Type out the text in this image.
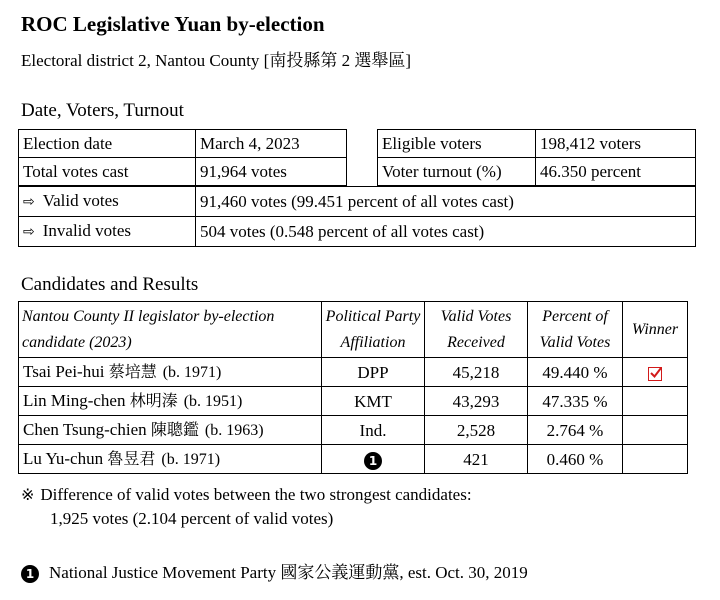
ROC Legislative Yuan by-election
Electoral district 2, Nantou County [南投縣第 2 選舉區]
Date, Voters, Turnout
Election date	March 4, 2023
Total votes cast	91,964 votes
Eligible voters	198,412 voters
Voter turnout (%)	46.350 percent
⇨ Valid votes	91,460 votes (99.451 percent of all votes cast)
⇨ Invalid votes	504 votes (0.548 percent of all votes cast)
Candidates and Results
Nantou County II legislator by-election candidate (2023)	Political Party Affiliation	Valid Votes Received	Percent of Valid Votes	Winner
Tsai Pei-hui 蔡培慧 (b. 1971)	DPP	45,218	49.440 %	

Lin Ming-chen 林明溱 (b. 1951)	KMT	43,293	47.335 %	
Chen Tsung-chien 陳聰鑑 (b. 1963)	Ind.	2,528	2.764 %	
Lu Yu-chun 魯昱君 (b. 1971)	1	421	0.460 %	
※ Difference of valid votes between the two strongest candidates:
1,925 votes (2.104 percent of valid votes)
1 National Justice Movement Party 國家公義運動黨, est. Oct. 30, 2019
